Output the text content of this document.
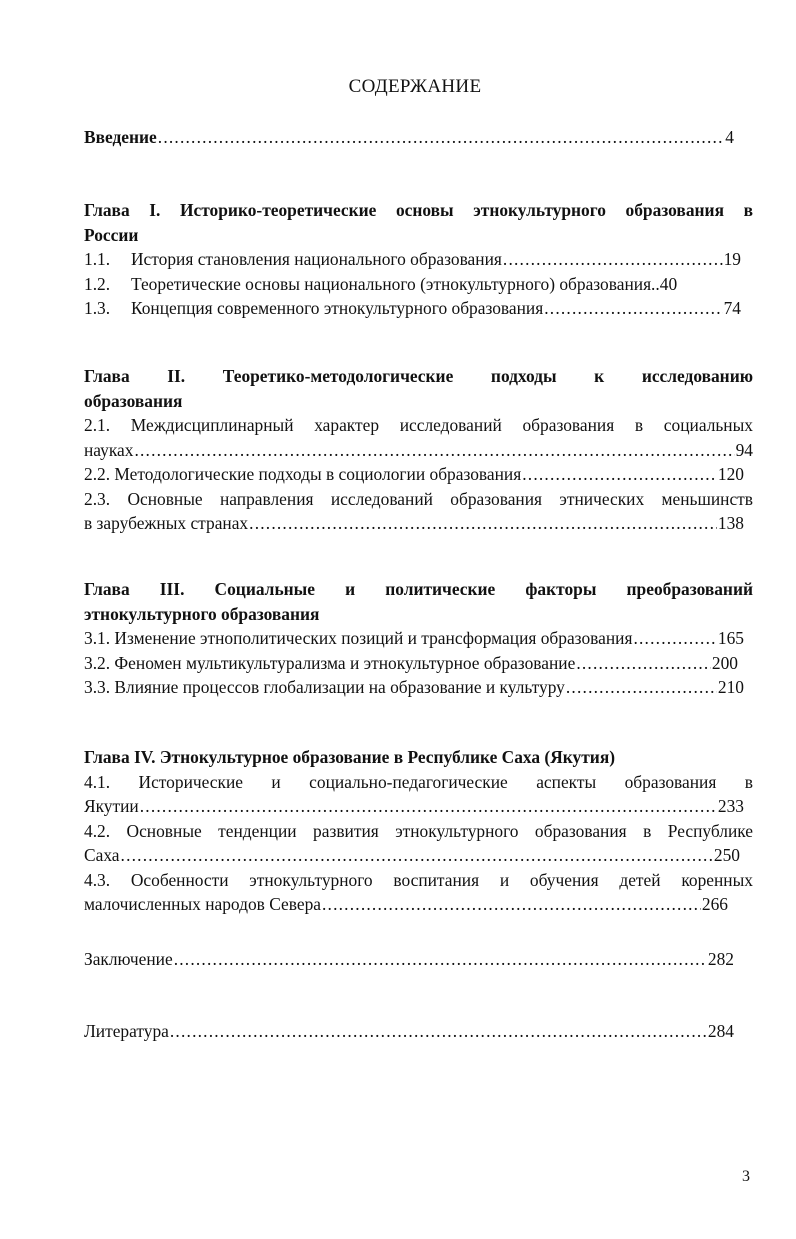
СОДЕРЖАНИЕ
Введение .....	4
Глава I. Историко-теоретические основы этнокультурного образования в
России
1.1. История становления национального образования .....	19
1.2. Теоретические основы национального (этнокультурного) образования..40
1.3. Концепция современного этнокультурного образования .....	74
Глава II. Теоретико-методологические подходы к исследованию
образования
2.1. Междисциплинарный характер исследований образования в социальных
науках .....	94
2.2. Методологические подходы в социологии образования .....	120
2.3. Основные направления исследований образования этнических меньшинств
в зарубежных странах .....	138
Глава III. Социальные и политические факторы преобразований
этнокультурного образования
3.1. Изменение этнополитических позиций и трансформация образования .....	165
3.2. Феномен мультикультурализма и этнокультурное образование .....	200
3.3. Влияние процессов глобализации на образование и культуру .....	210
Глава IV. Этнокультурное образование в Республике Саха (Якутия)
4.1. Исторические и социально-педагогические аспекты образования в
Якутии .....	233
4.2. Основные тенденции развития этнокультурного образования в Республике
Саха .....	250
4.3. Особенности этнокультурного воспитания и обучения детей коренных
малочисленных народов Севера .....	266
Заключение .....	282
Литература .....	284
3
